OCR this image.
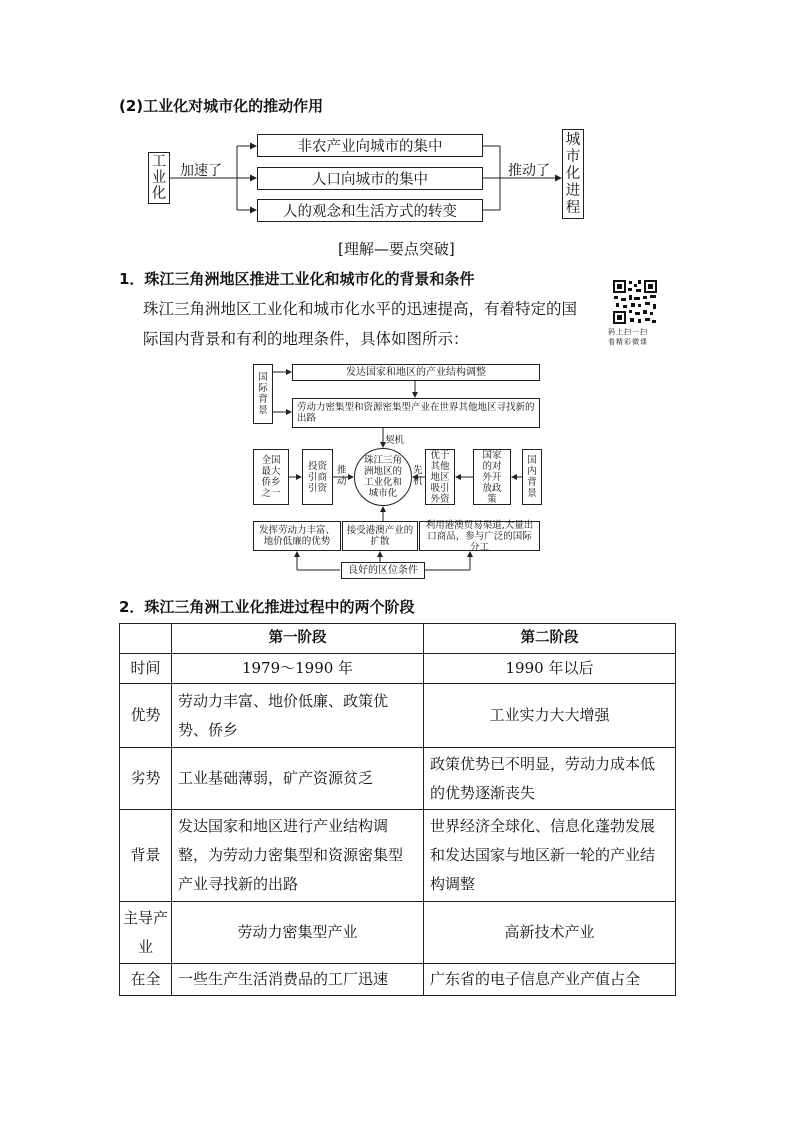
(2)工业化对城市化的推动作用
工业化
加速了
非农产业向城市的集中
人口向城市的集中
人的观念和生活方式的转变
推动了
城市化进程
[理解—要点突破]
1．珠江三角洲地区推进工业化和城市化的背景和条件
珠江三角洲地区工业化和城市化水平的迅速提高，有着特定的国
际国内背景和有利的地理条件，具体如图所示：	码上扫一扫
看精彩微课
国际背景
发达国家和地区的产业结构调整
劳动力密集型和资源密集型产业在世界其他地区寻找新的出路
契机
全国最大侨乡之一
投资引商引资
推动
珠江三角洲地区的工业化和城市化
先机
优于其他地区吸引外资
国家的对外开放政策
国内背景
发挥劳动力丰富、地价低廉的优势
接受港澳产业的扩散
利用港澳贸易渠道,大量出口商品，参与广泛的国际分工
良好的区位条件
2．珠江三角洲工业化推进过程中的两个阶段
	第一阶段	第二阶段
时间	1979～1990 年	1990 年以后
优势	劳动力丰富、地价低廉、政策优势、侨乡	工业实力大大增强
劣势	工业基础薄弱，矿产资源贫乏	政策优势已不明显，劳动力成本低的优势逐渐丧失
背景	发达国家和地区进行产业结构调整，为劳动力密集型和资源密集型产业寻找新的出路	世界经济全球化、信息化蓬勃发展和发达国家与地区新一轮的产业结构调整
主导产业	劳动力密集型产业	高新技术产业
在全	一些生产生活消费品的工厂迅速	广东省的电子信息产业产值占全
